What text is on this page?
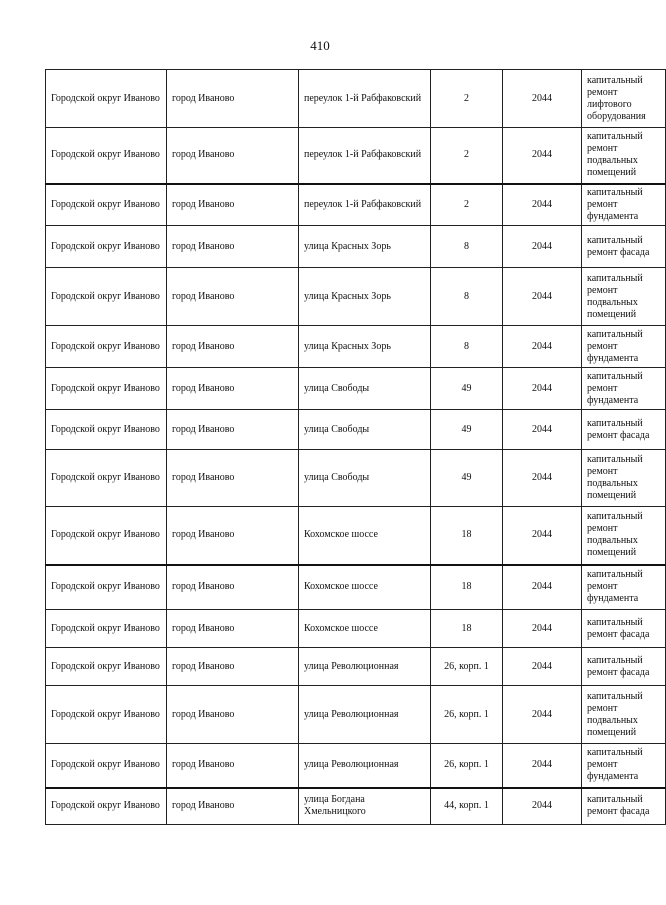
410
Городской округ Иваново	город Иваново	переулок 1-й Рабфаковский	2	2044	капитальный ремонт лифтового оборудования
Городской округ Иваново	город Иваново	переулок 1-й Рабфаковский	2	2044	капитальный ремонт подвальных помещений
Городской округ Иваново	город Иваново	переулок 1-й Рабфаковский	2	2044	капитальный ремонт фундамента
Городской округ Иваново	город Иваново	улица Красных Зорь	8	2044	капитальный ремонт фасада
Городской округ Иваново	город Иваново	улица Красных Зорь	8	2044	капитальный ремонт подвальных помещений
Городской округ Иваново	город Иваново	улица Красных Зорь	8	2044	капитальный ремонт фундамента
Городской округ Иваново	город Иваново	улица Свободы	49	2044	капитальный ремонт фундамента
Городской округ Иваново	город Иваново	улица Свободы	49	2044	капитальный ремонт фасада
Городской округ Иваново	город Иваново	улица Свободы	49	2044	капитальный ремонт подвальных помещений
Городской округ Иваново	город Иваново	Кохомское шоссе	18	2044	капитальный ремонт подвальных помещений
Городской округ Иваново	город Иваново	Кохомское шоссе	18	2044	капитальный ремонт фундамента
Городской округ Иваново	город Иваново	Кохомское шоссе	18	2044	капитальный ремонт фасада
Городской округ Иваново	город Иваново	улица Революционная	26, корп. 1	2044	капитальный ремонт фасада
Городской округ Иваново	город Иваново	улица Революционная	26, корп. 1	2044	капитальный ремонт подвальных помещений
Городской округ Иваново	город Иваново	улица Революционная	26, корп. 1	2044	капитальный ремонт фундамента
Городской округ Иваново	город Иваново	улица Богдана Хмельницкого	44, корп. 1	2044	капитальный ремонт фасада
